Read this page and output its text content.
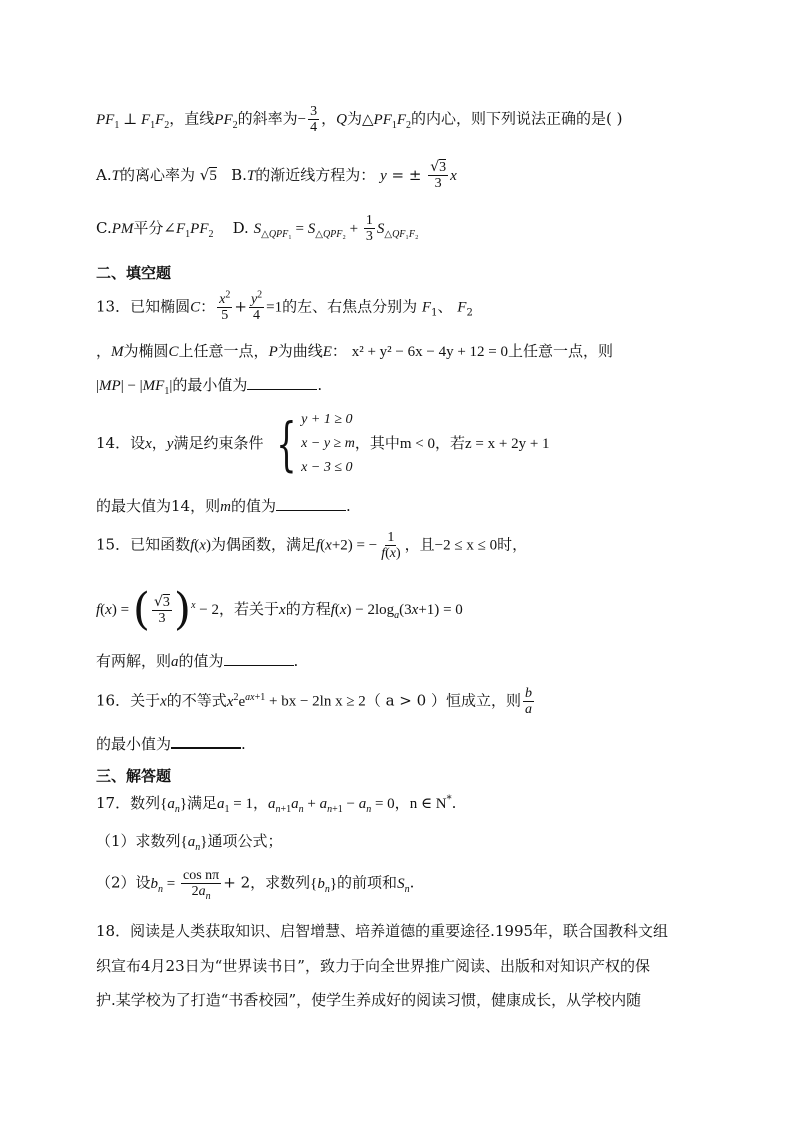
$PF_1$ ⊥ $F_1F_2$，直线$PF_2$的斜率为− $\frac{3}{4}$ ，Q为$\triangle PF_1F_2$的内心，则下列说法正确的是( )
A.T的离心率为 √5 B.T的渐近线方程为： y = ± $\frac{√3}{3}$ x
C.PM平分$\angle F_1PF_2$ D. $S_{\triangle QPF_1} = S_{\triangle QPF_2} + \frac{1}{3} S_{\triangle QF_1F_2}$
二、填空题
13．已知椭圆C： $\frac{x^2}{5} + \frac{y^2}{4} =1$的左、右焦点分别为 $F_1$、 $F_2$
，M为椭圆C上任意一点，P为曲线E： x² + y² − 6x − 4y + 12 = 0上任意一点，则
$|MP| - |MF_1|$的最小值为	.
14．设x，y满足约束条件 { y + 1 ≥ 0
x − y ≥ m
x − 3 ≤ 0
，其中m < 0，若z = x + 2y + 1
的最大值为14，则m的值为	.
15．已知函数f(x)为偶函数，满足f(x+2) = − $\frac{1}{f(x)}$ ，且−2 ≤ x ≤ 0时，
f(x) = ( $\frac{√3}{3} )^x - 2$，若关于x的方程$f(x) - 2\log_a(3x+1) = 0$
有两解，则a的值为	.
16．关于x的不等式$x^2e^{ax+1}$ + bx − 2ln x ≥ 2（ a > 0 ）恒成立，则 $\frac{b}{a}$
的最小值为	.
三、解答题
17．数列$\{a_n\}$满足$a_1 = 1$，$a_{n+1}a_n + a_{n+1} - a_n = 0$，n ∈ N*.
（1）求数列$\{a_n\}$通项公式；
（2）设$b_n = \frac{\text{cos nπ}}{2a_n} + 2$，求数列$\{b_n\}$的前项和$S_n$.
18．阅读是人类获取知识、启智增慧、培养道德的重要途径.1995年，联合国教科文组
织宣布4月23日为“世界读书日”，致力于向全世界推广阅读、出版和对知识产权的保
护.某学校为了打造“书香校园”，使学生养成好的阅读习惯，健康成长，从学校内随
